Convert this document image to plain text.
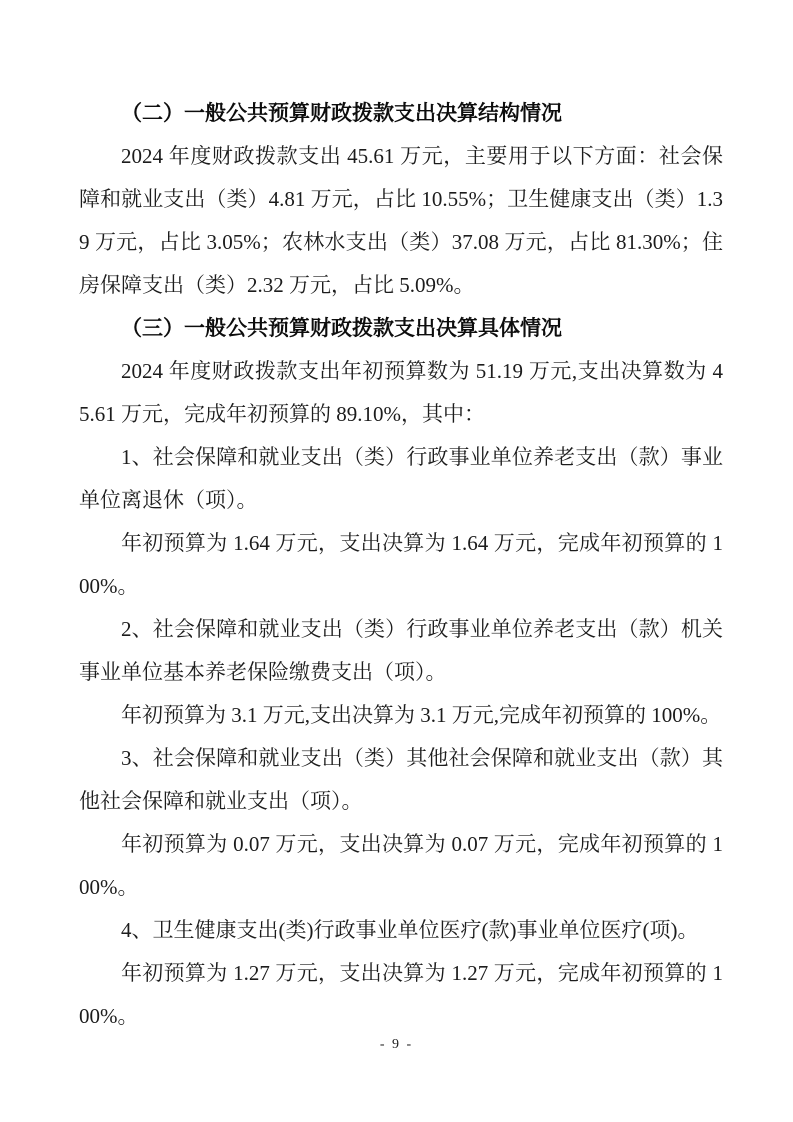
（二）一般公共预算财政拨款支出决算结构情况

2024 年度财政拨款支出 45.61 万元，主要用于以下方面：社会保障和就业支出（类）4.81 万元，占比 10.55%；卫生健康支出（类）1.39 万元，占比 3.05%；农林水支出（类）37.08 万元，占比 81.30%；住房保障支出（类）2.32 万元，占比 5.09%。

（三）一般公共预算财政拨款支出决算具体情况

2024 年度财政拨款支出年初预算数为 51.19 万元,支出决算数为 45.61 万元，完成年初预算的 89.10%，其中：

1、社会保障和就业支出（类）行政事业单位养老支出（款）事业单位离退休（项）。

年初预算为 1.64 万元，支出决算为 1.64 万元，完成年初预算的 100%。

2、社会保障和就业支出（类）行政事业单位养老支出（款）机关事业单位基本养老保险缴费支出（项）。

年初预算为 3.1 万元,支出决算为 3.1 万元,完成年初预算的 100%。

3、社会保障和就业支出（类）其他社会保障和就业支出（款）其他社会保障和就业支出（项）。

年初预算为 0.07 万元，支出决算为 0.07 万元，完成年初预算的 100%。

4、卫生健康支出(类)行政事业单位医疗(款)事业单位医疗(项)。

年初预算为 1.27 万元，支出决算为 1.27 万元，完成年初预算的 100%。

- 9 -
